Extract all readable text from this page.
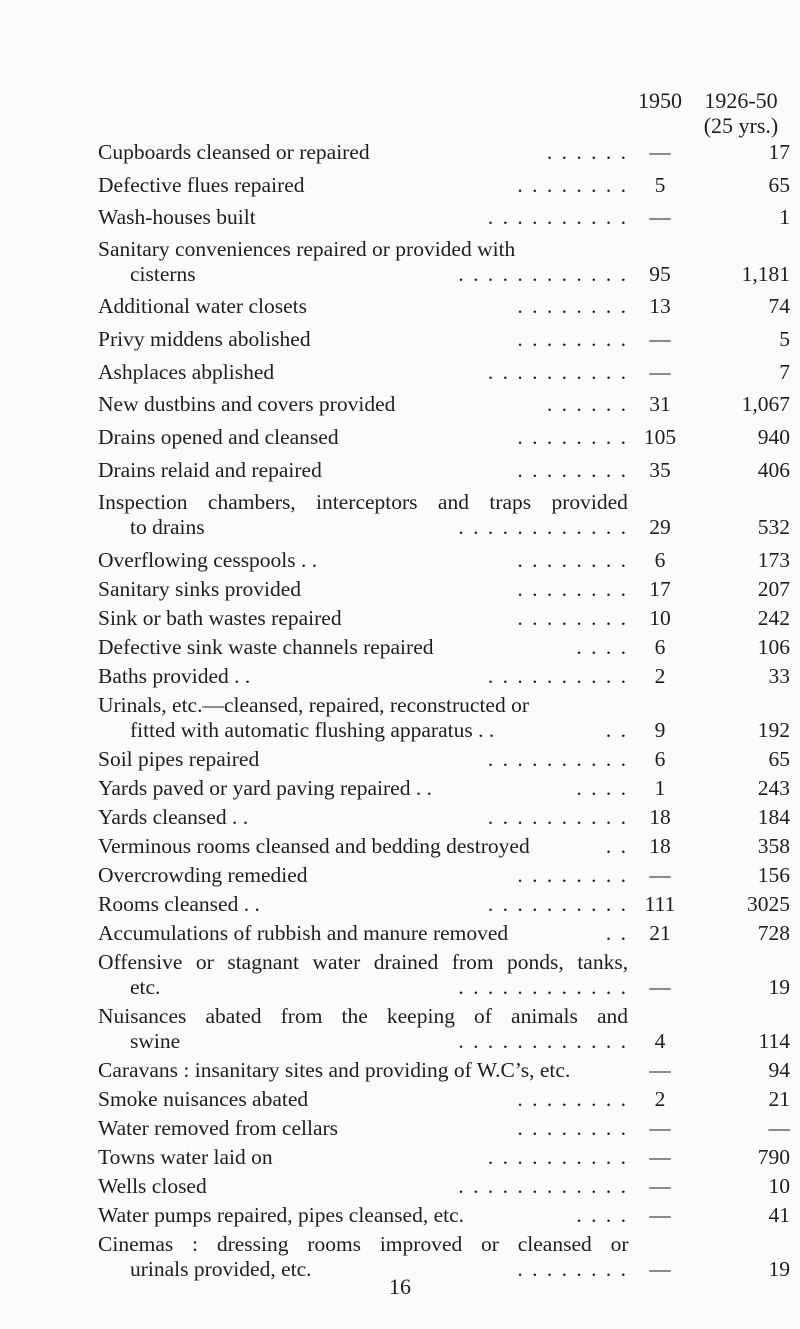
1950	1926-50
(25 yrs.)
Cupboards cleansed or repaired	. . . . . . —	17
Defective flues repaired	. . . . . . . .	5	65
Wash-houses built	. . . . . . . . . . —	1
Sanitary conveniences repaired or provided with
cisterns	. . . . . . . . . . . . 95	1,181
Additional water closets	. . . . . . . . 13	74
Privy middens abolished	. . . . . . . . —	5
Ashplaces abplished	. . . . . . . . . . —	7
New dustbins and covers provided	. . . . . . 31	1,067
Drains opened and cleansed	. . . . . . . . 105	940
Drains relaid and repaired	. . . . . . . . 35	406
Inspection chambers, interceptors and traps provided
to drains	. . . . . . . . . . . . 29	532
Overflowing cesspools . .	. . . . . . . .	6	173
Sanitary sinks provided	. . . . . . . . 17	207
Sink or bath wastes repaired	. . . . . . . . 10	242
Defective sink waste channels repaired	. . . .	6	106
Baths provided . .	. . . . . . . . . .	2	33
Urinals, etc.—cleansed, repaired, reconstructed or
fitted with automatic flushing apparatus . .	. .	9	192
Soil pipes repaired	. . . . . . . . . .	6	65
Yards paved or yard paving repaired . .	. . . .	1	243
Yards cleansed . .	. . . . . . . . . . 18	184
Verminous rooms cleansed and bedding destroyed	. . 18	358
Overcrowding remedied	. . . . . . . . —	156
Rooms cleansed . .	. . . . . . . . . . 111	3025
Accumulations of rubbish and manure removed	. . 21	728
Offensive or stagnant water drained from ponds, tanks,
etc.	. . . . . . . . . . . . —	19
Nuisances abated from the keeping of animals and
swine	. . . . . . . . . . . .	4	114
Caravans : insanitary sites and providing of W.C’s, etc.	—	94
Smoke nuisances abated	. . . . . . . .	2	21
Water removed from cellars	. . . . . . . . —	—
Towns water laid on	. . . . . . . . . . —	790
Wells closed	. . . . . . . . . . . . —	10
Water pumps repaired, pipes cleansed, etc.	. . . . —	41
Cinemas : dressing rooms improved or cleansed or
urinals provided, etc.	. . . . . . . . —	19
16
